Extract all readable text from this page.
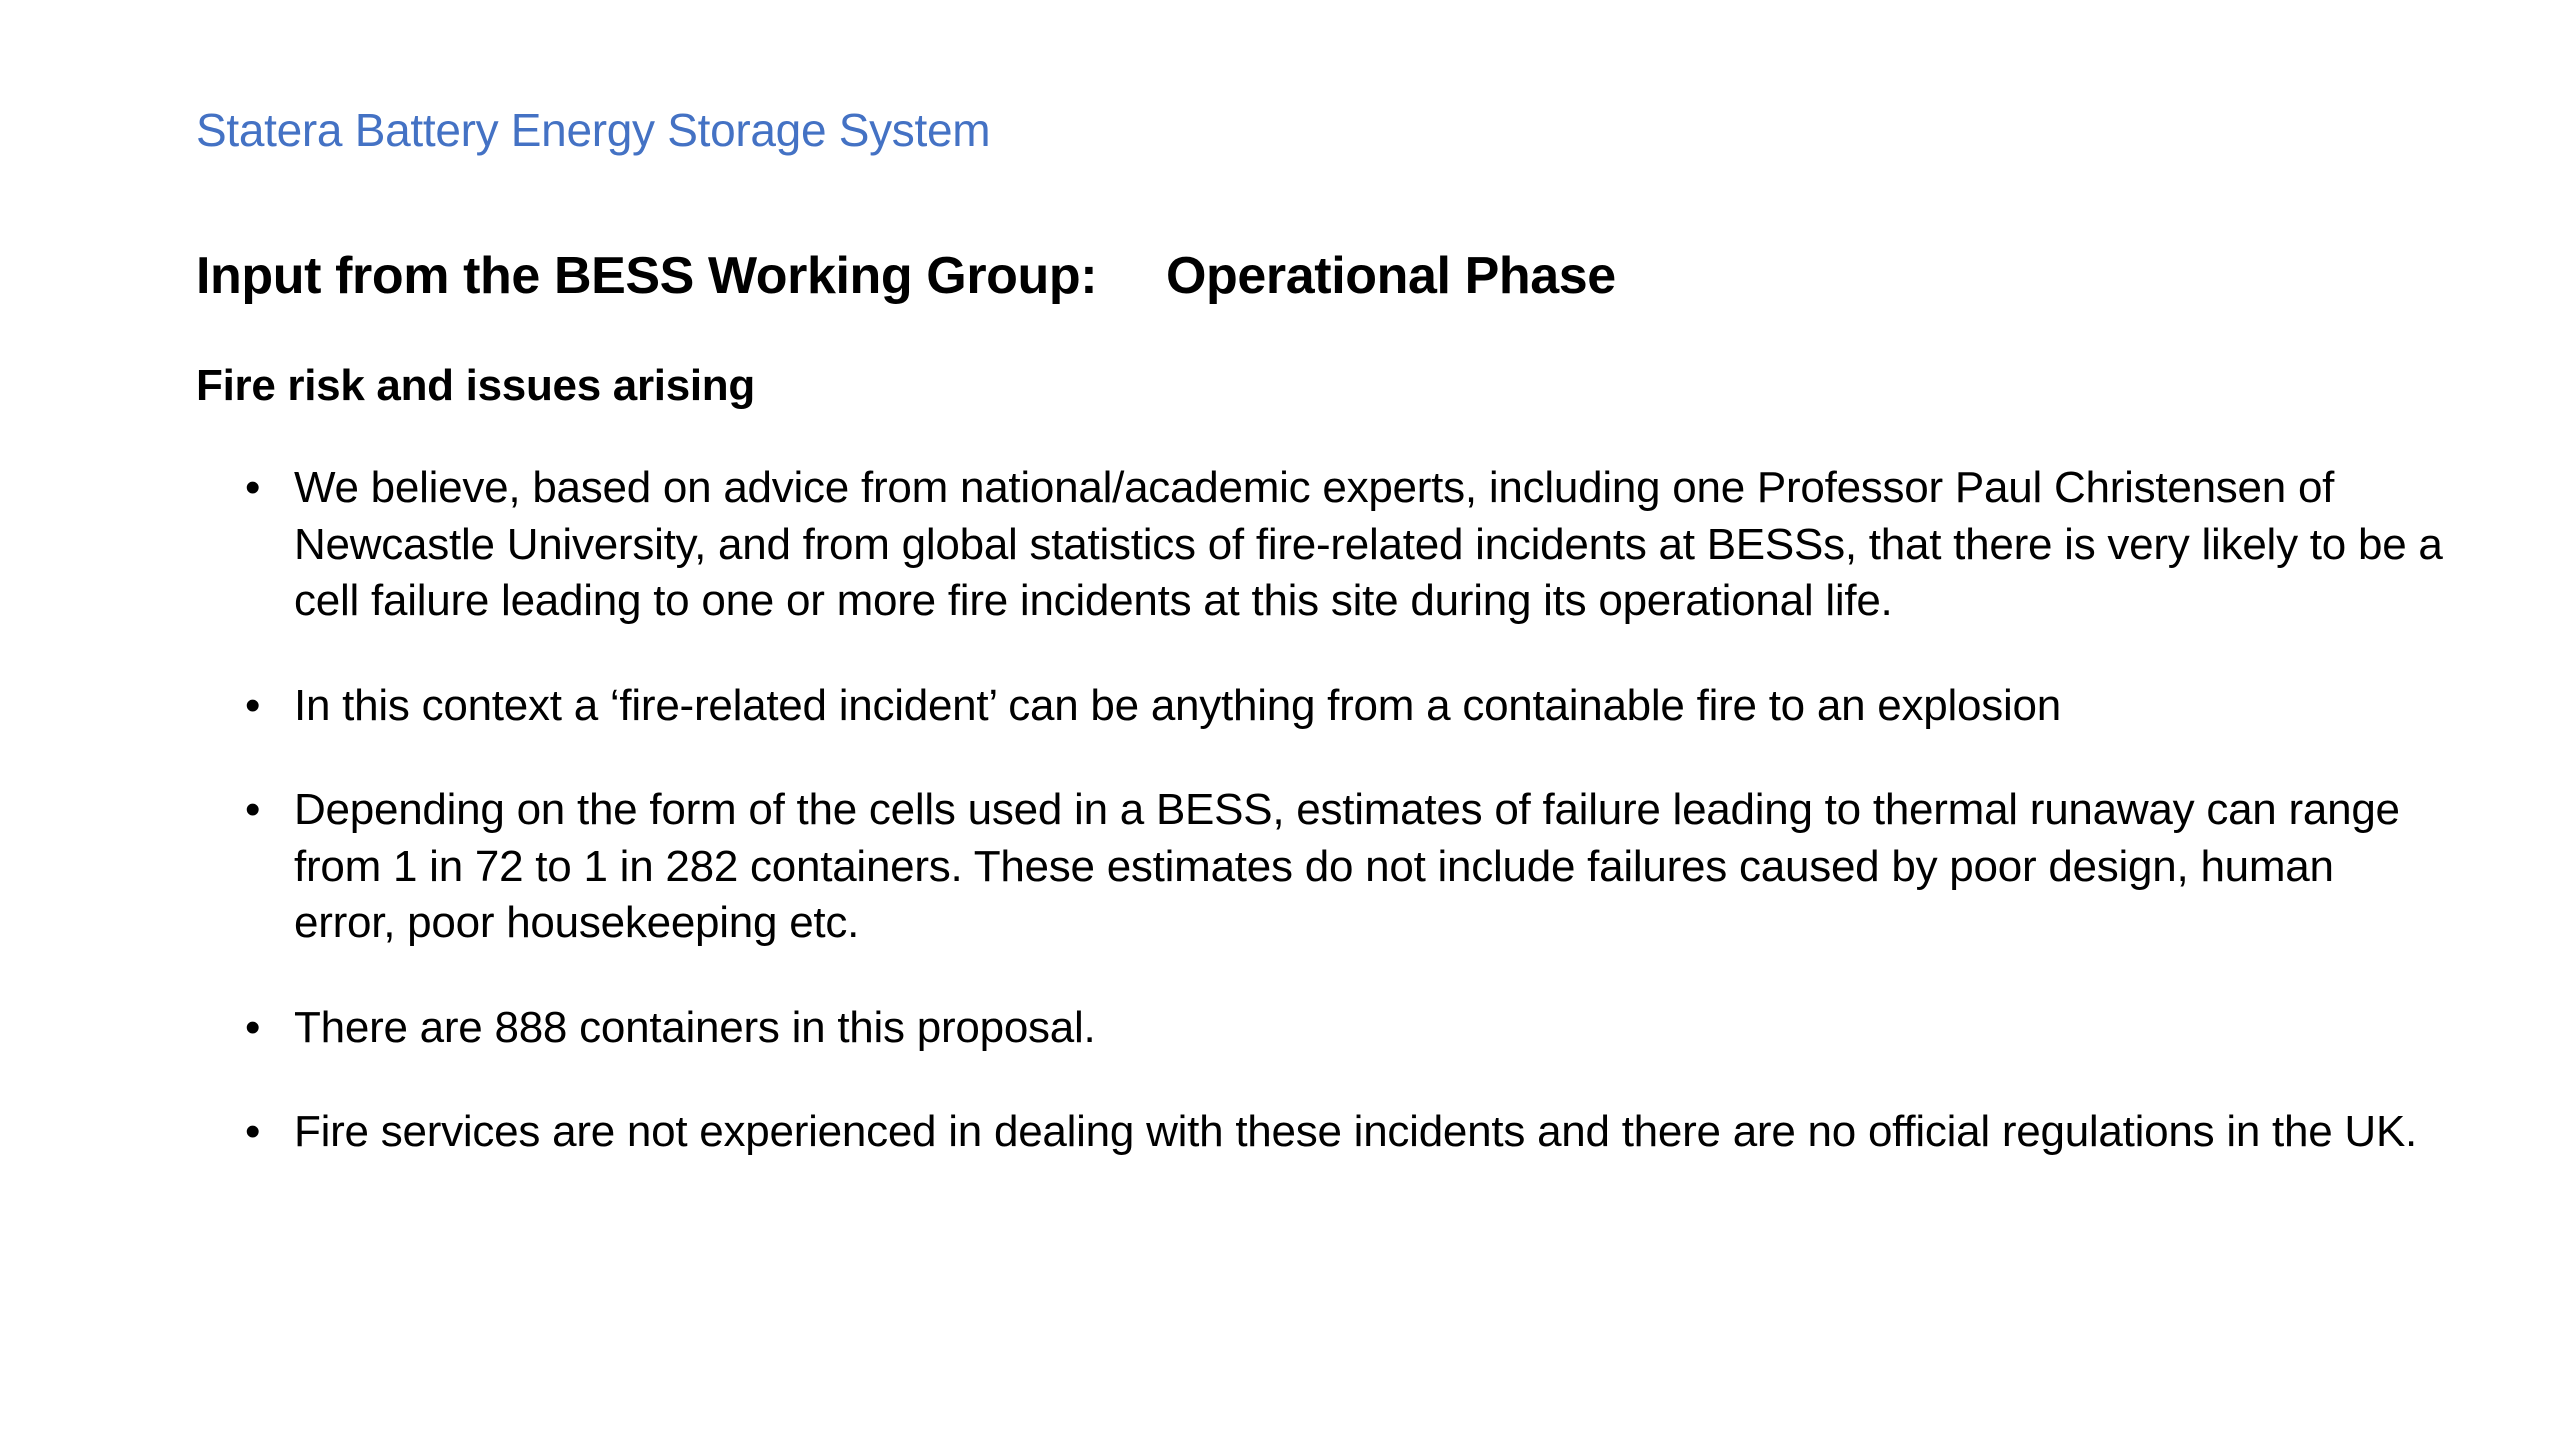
Statera Battery Energy Storage System
Input from the BESS Working Group: Operational Phase
Fire risk and issues arising
• We believe, based on advice from national/academic experts, including one Professor Paul Christensen of Newcastle University, and from global statistics of fire-related incidents at BESSs, that there is very likely to be a cell failure leading to one or more fire incidents at this site during its operational life.
• In this context a ‘fire-related incident’ can be anything from a containable fire to an explosion
• Depending on the form of the cells used in a BESS, estimates of failure leading to thermal runaway can range from 1 in 72 to 1 in 282 containers. These estimates do not include failures caused by poor design, human error, poor housekeeping etc.
• There are 888 containers in this proposal.
• Fire services are not experienced in dealing with these incidents and there are no official regulations in the UK.
